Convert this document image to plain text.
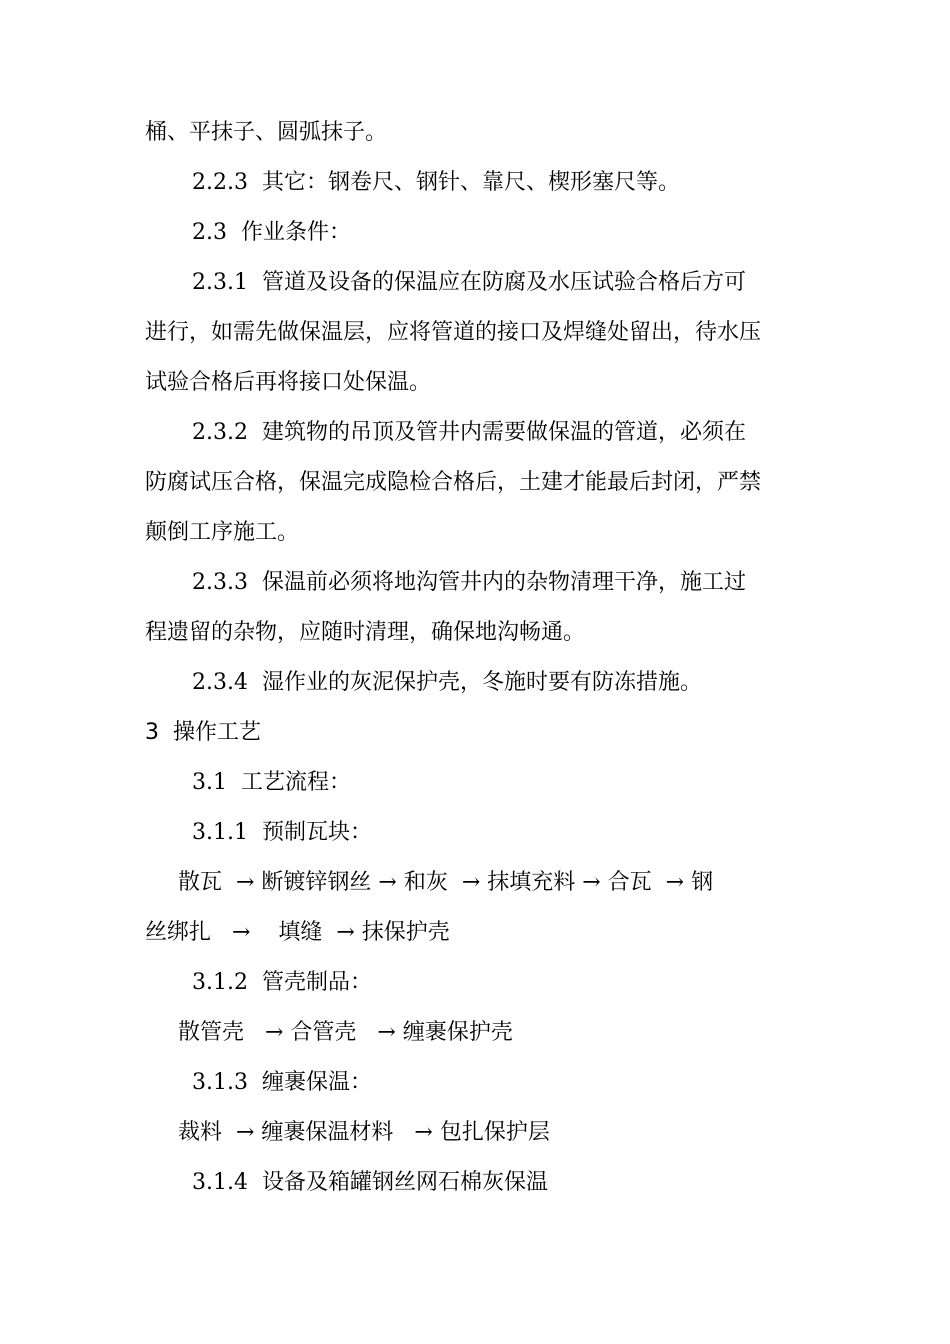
桶、平抹子、圆弧抹子。
2.2.3  其它：钢卷尺、钢针、靠尺、楔形塞尺等。
2.3  作业条件：
2.3.1  管道及设备的保温应在防腐及水压试验合格后方可
进行，如需先做保温层，应将管道的接口及焊缝处留出，待水压
试验合格后再将接口处保温。
2.3.2  建筑物的吊顶及管井内需要做保温的管道，必须在
防腐试压合格，保温完成隐检合格后，土建才能最后封闭，严禁
颠倒工序施工。
2.3.3  保温前必须将地沟管井内的杂物清理干净，施工过
程遗留的杂物，应随时清理，确保地沟畅通。
2.3.4  湿作业的灰泥保护壳，冬施时要有防冻措施。
3  操作工艺
3.1  工艺流程：
3.1.1  预制瓦块：
散瓦  → 断镀锌钢丝 → 和灰  → 抹填充料 → 合瓦  → 钢
丝绑扎   →    填缝  → 抹保护壳
3.1.2  管壳制品：
散管壳   → 合管壳   → 缠裹保护壳
3.1.3  缠裹保温：
裁料  → 缠裹保温材料   → 包扎保护层
3.1.4  设备及箱罐钢丝网石棉灰保温
